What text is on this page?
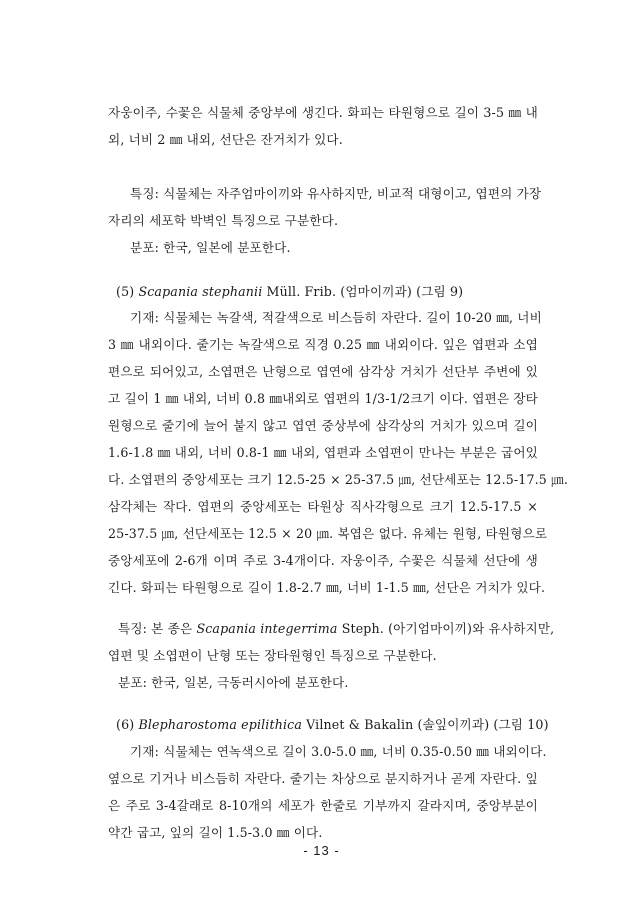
자웅이주, 수꽃은 식물체 중앙부에 생긴다. 화피는 타원형으로 길이 3-5 ㎜ 내
외, 너비 2 ㎜ 내외, 선단은 잔거치가 있다.
특징: 식물체는 자주엄마이끼와 유사하지만, 비교적 대형이고, 엽편의 가장
자리의 세포학 박벽인 특징으로 구분한다.
분포: 한국, 일본에 분포한다.
(5) Scapania stephanii Müll. Frib. (엄마이끼과) (그림 9)
기재: 식물체는 녹갈색, 적갈색으로 비스듬히 자란다. 길이 10-20 ㎜, 너비
3 ㎜ 내외이다. 줄기는 녹갈색으로 직경 0.25 ㎜ 내외이다. 잎은 엽편과 소엽
편으로 되어있고, 소엽편은 난형으로 엽연에 삼각상 거치가 선단부 주변에 있
고 길이 1 ㎜ 내외, 너비 0.8 ㎜내외로 엽편의 1/3-1/2크기 이다. 엽편은 장타
원형으로 줄기에 늘어 붙지 않고 엽연 중상부에 삼각상의 거치가 있으며 길이
1.6-1.8 ㎜ 내외, 너비 0.8-1 ㎜ 내외, 엽편과 소엽편이 만나는 부분은 굽어있
다. 소엽편의 중앙세포는 크기 12.5-25 × 25-37.5 ㎛, 선단세포는 12.5-17.5 ㎛.
삼각체는 작다. 엽편의 중앙세포는 타원상 직사각형으로 크기 12.5-17.5 ×
25-37.5 ㎛, 선단세포는 12.5 × 20 ㎛. 복엽은 없다. 유체는 원형, 타원형으로
중앙세포에 2-6개 이며 주로 3-4개이다. 자웅이주, 수꽃은 식물체 선단에 생
긴다. 화피는 타원형으로 길이 1.8-2.7 ㎜, 너비 1-1.5 ㎜, 선단은 거치가 있다.
특징: 본 종은 Scapania integerrima Steph. (아기엄마이끼)와 유사하지만,
엽편 및 소엽편이 난형 또는 장타원형인 특징으로 구분한다.
분포: 한국, 일본, 극동러시아에 분포한다.
(6) Blepharostoma epilithica Vilnet & Bakalin (솔잎이끼과) (그림 10)
기재: 식물체는 연녹색으로 길이 3.0-5.0 ㎜, 너비 0.35-0.50 ㎜ 내외이다.
옆으로 기거나 비스듬히 자란다. 줄기는 차상으로 분지하거나 곧게 자란다. 잎
은 주로 3-4갈래로 8-10개의 세포가 한줄로 기부까지 갈라지며, 중앙부분이
약간 굽고, 잎의 길이 1.5-3.0 ㎜ 이다.
- 13 -
